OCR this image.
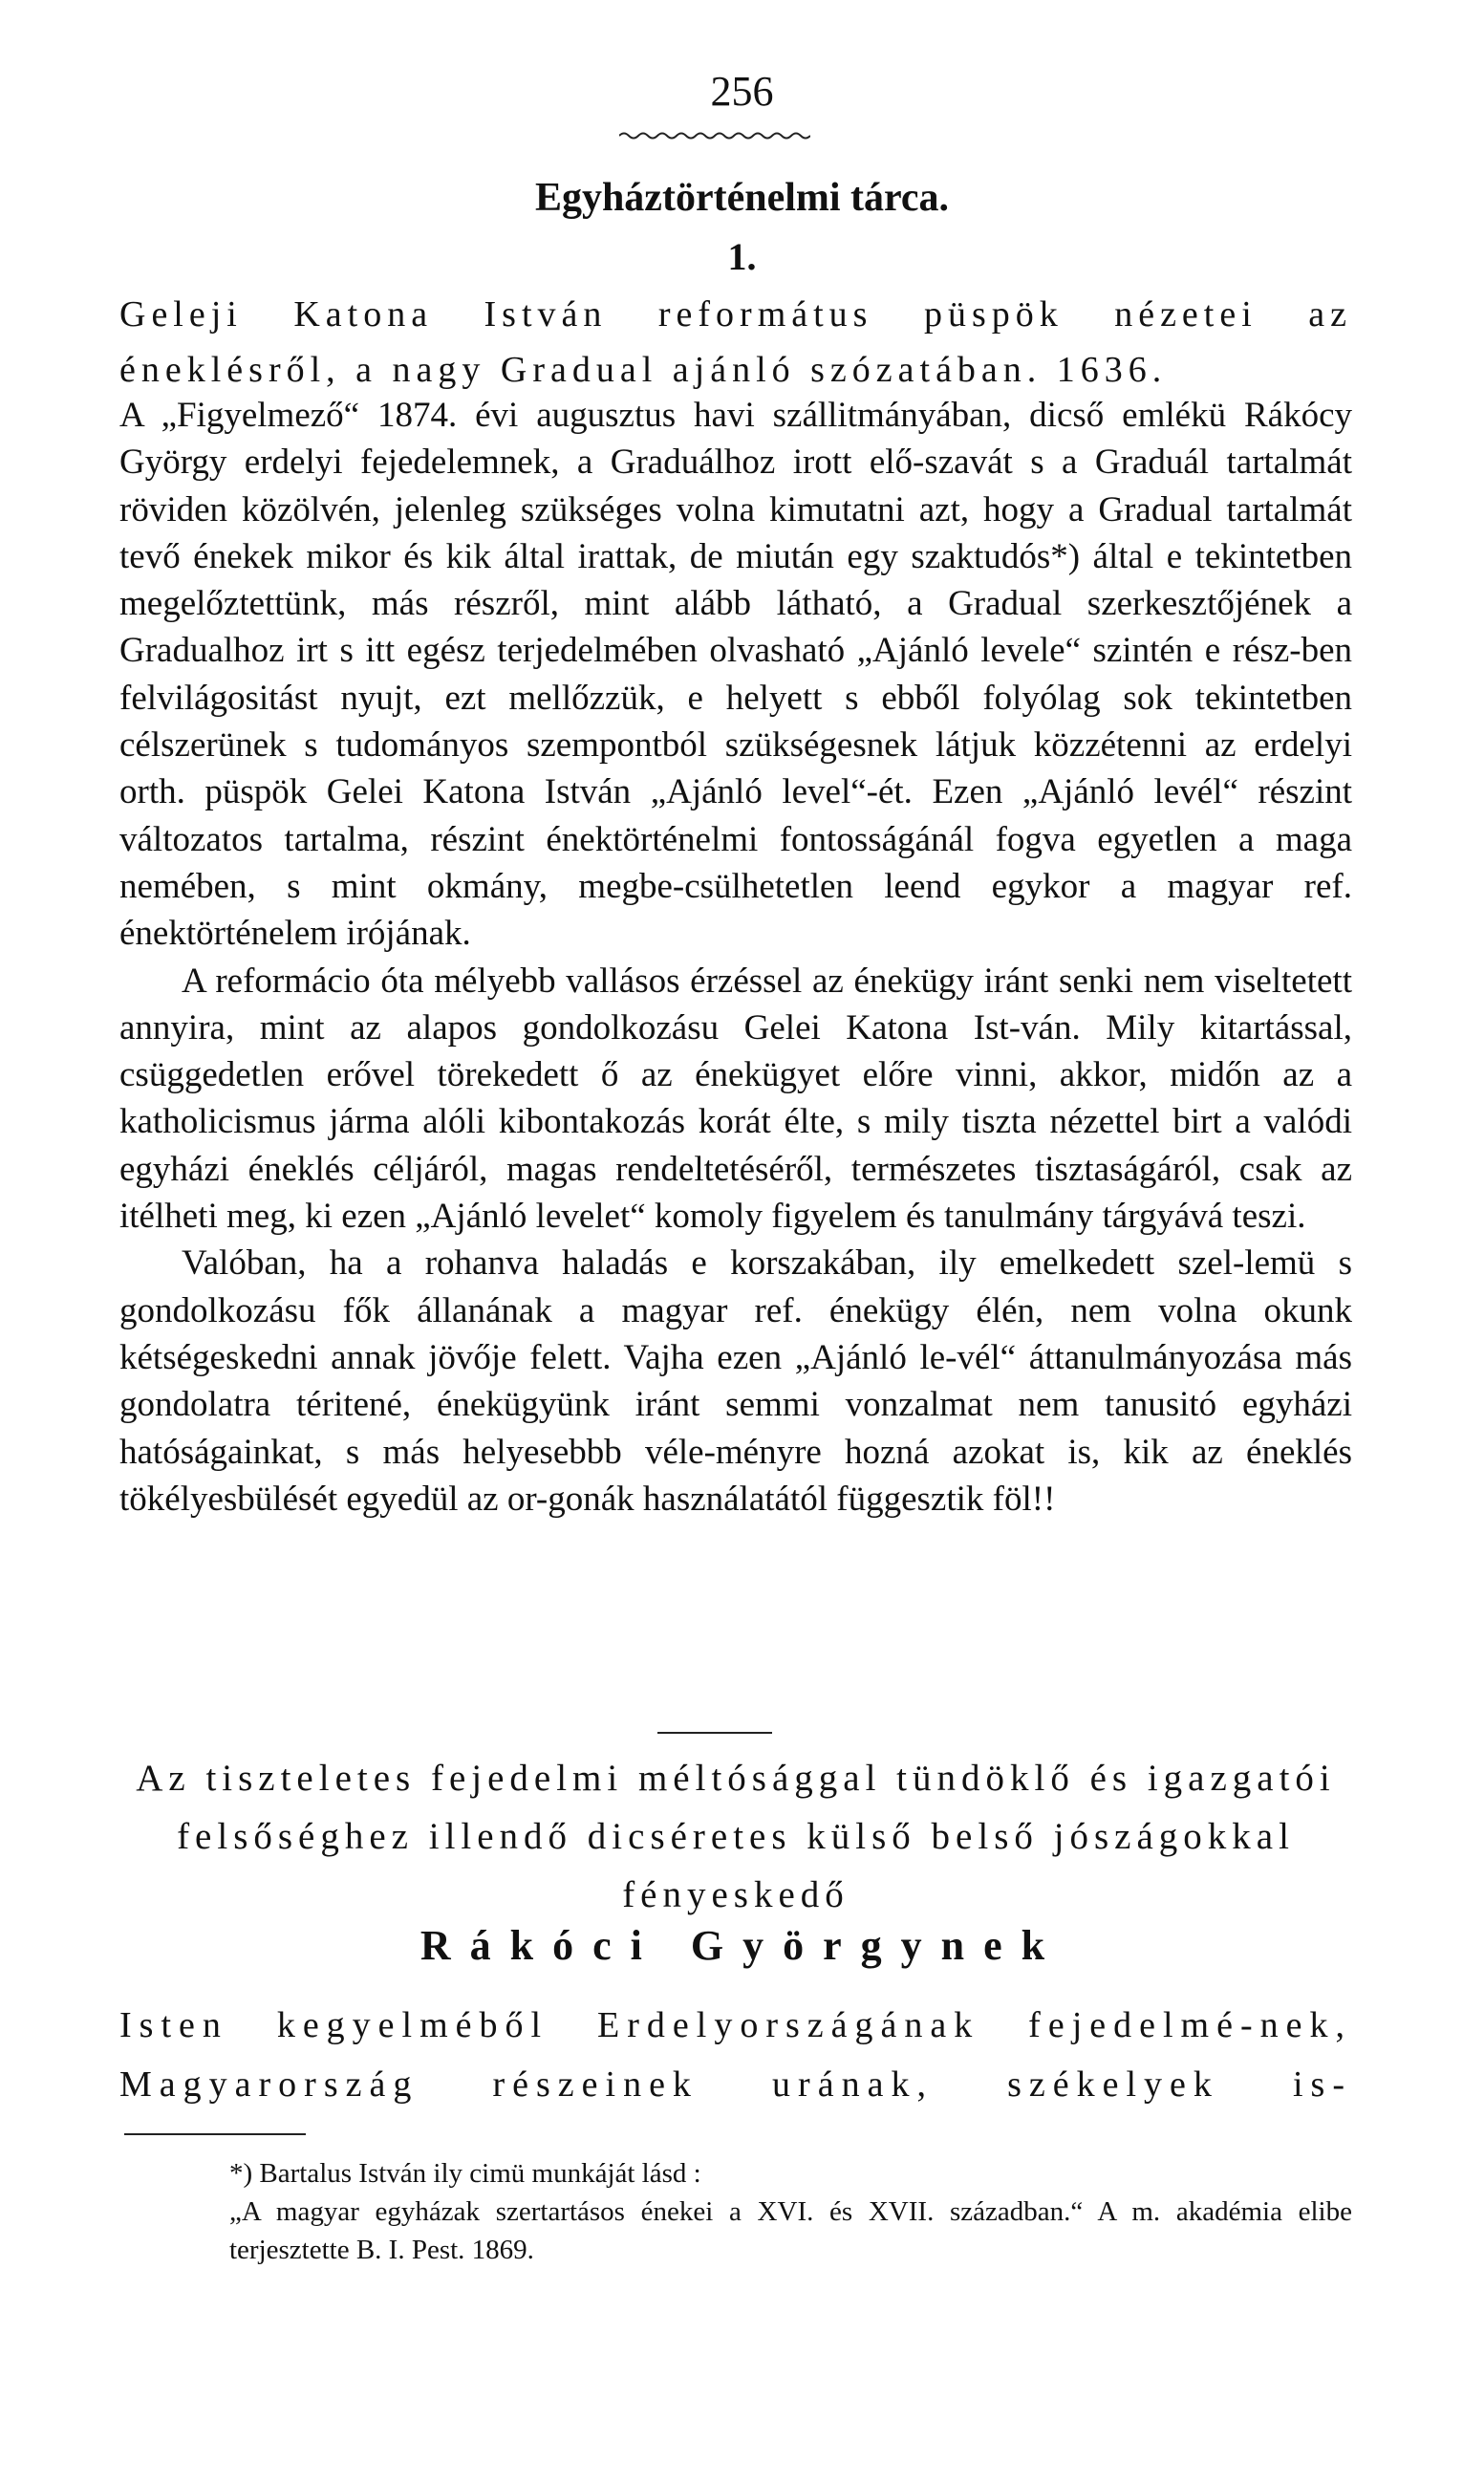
256
Egyháztörténelmi tárca.
1.
Geleji Katona István református püspök nézetei az éneklésről, a nagy Gradual ajánló szózatában. 1636.

A „Figyelmező“ 1874. évi augusztus havi szállitmányában, dicső emlékü Rákócy György erdelyi fejedelemnek, a Graduálhoz irott elő-szavát s a Graduál tartalmát röviden közölvén, jelenleg szükséges volna kimutatni azt, hogy a Gradual tartalmát tevő énekek mikor és kik által irattak, de miután egy szaktudós*) által e tekintetben megelőztettünk, más részről, mint alább látható, a Gradual szerkesztőjének a Gradualhoz irt s itt egész terjedelmében olvasható „Ajánló levele“ szintén e rész-ben felvilágositást nyujt, ezt mellőzzük, e helyett s ebből folyólag sok tekintetben célszerünek s tudományos szempontból szükségesnek látjuk közzétenni az erdelyi orth. püspök Gelei Katona István „Ajánló level“-ét. Ezen „Ajánló levél“ részint változatos tartalma, részint énektörténelmi fontosságánál fogva egyetlen a maga nemében, s mint okmány, megbe-csülhetetlen leend egykor a magyar ref. énektörténelem irójának.

A reformácio óta mélyebb vallásos érzéssel az énekügy iránt senki nem viseltetett annyira, mint az alapos gondolkozásu Gelei Katona Ist-ván. Mily kitartással, csüggedetlen erővel törekedett ő az énekügyet előre vinni, akkor, midőn az a katholicismus járma alóli kibontakozás korát élte, s mily tiszta nézettel birt a valódi egyházi éneklés céljáról, magas rendeltetéséről, természetes tisztaságáról, csak az itélheti meg, ki ezen „Ajánló levelet“ komoly figyelem és tanulmány tárgyává teszi.

Valóban, ha a rohanva haladás e korszakában, ily emelkedett szel-lemü s gondolkozásu fők állanának a magyar ref. énekügy élén, nem volna okunk kétségeskedni annak jövője felett. Vajha ezen „Ajánló le-vél“ áttanulmányozása más gondolatra téritené, énekügyünk iránt semmi vonzalmat nem tanusitó egyházi hatóságainkat, s más helyesebbb véle-ményre hozná azokat is, kik az éneklés tökélyesbülését egyedül az or-gonák használatától függesztik föl!!

Az tiszteletes fejedelmi méltósággal tündöklő és igazgatói felsőséghez illendő dicséretes külső belső jószágokkal fényeskedő
Rákóci Györgynek
Isten kegyelméből Erdelyországának fejedelmé-nek, Magyarország részeinek urának, székelyek is-
*) Bartalus István ily cimü munkáját lásd :
„A magyar egyházak szertartásos énekei a XVI. és XVII. században.“ A m. akadémia elibe terjesztette B. I. Pest. 1869.
